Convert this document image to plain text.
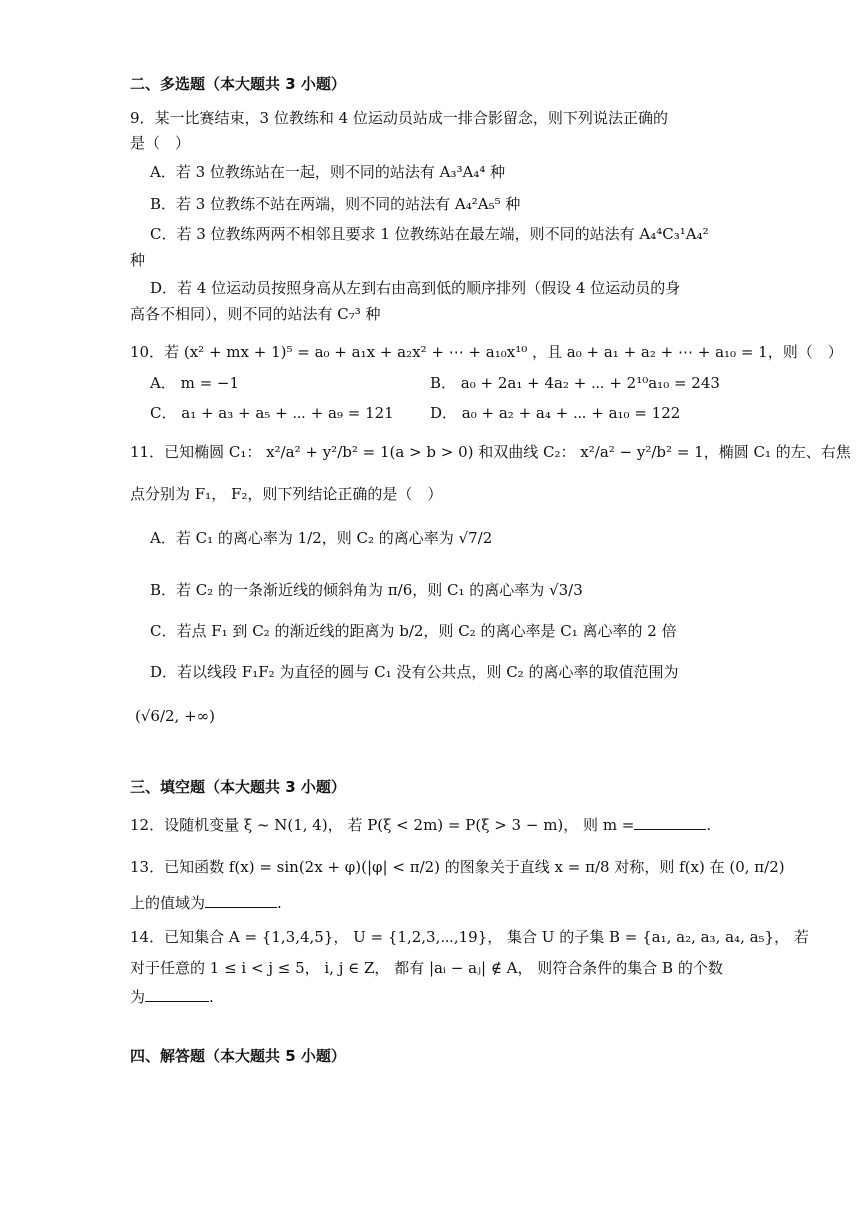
二、多选题（本大题共 3 小题）
9．某一比赛结束，3 位教练和 4 位运动员站成一排合影留念，则下列说法正确的
是（　）
A．若 3 位教练站在一起，则不同的站法有 A₃³A₄⁴ 种
B．若 3 位教练不站在两端，则不同的站法有 A₄²A₅⁵ 种
C．若 3 位教练两两不相邻且要求 1 位教练站在最左端，则不同的站法有 A₄⁴C₃¹A₄²
种
D．若 4 位运动员按照身高从左到右由高到低的顺序排列（假设 4 位运动员的身
高各不相同），则不同的站法有 C₇³ 种
10．若 (x² + mx + 1)⁵ = a₀ + a₁x + a₂x² + ⋯ + a₁₀x¹⁰ ，且 a₀ + a₁ + a₂ + ⋯ + a₁₀ = 1，则（　）
A． m = −1	B． a₀ + 2a₁ + 4a₂ + ⋯ + 2¹⁰a₁₀ = 243
C． a₁ + a₃ + a₅ + ⋯ + a₉ = 121 D． a₀ + a₂ + a₄ + ⋯ + a₁₀ = 122
11．已知椭圆 C₁： x²/a² + y²/b² = 1(a > b > 0) 和双曲线 C₂： x²/a² − y²/b² = 1，椭圆 C₁ 的左、右焦
点分别为 F₁， F₂，则下列结论正确的是（　）
A．若 C₁ 的离心率为 1/2，则 C₂ 的离心率为 √7/2
B．若 C₂ 的一条渐近线的倾斜角为 π/6，则 C₁ 的离心率为 √3/3
C．若点 F₁ 到 C₂ 的渐近线的距离为 b/2，则 C₂ 的离心率是 C₁ 离心率的 2 倍
D．若以线段 F₁F₂ 为直径的圆与 C₁ 没有公共点，则 C₂ 的离心率的取值范围为
(√6/2, +∞)
三、填空题（本大题共 3 小题）
12．设随机变量 ξ ~ N(1, 4)， 若 P(ξ < 2m) = P(ξ > 3 − m)， 则 m =	.
13．已知函数 f(x) = sin(2x + φ)(|φ| < π/2) 的图象关于直线 x = π/8 对称，则 f(x) 在 (0, π/2)
上的值域为	.
14．已知集合 A = {1,3,4,5}， U = {1,2,3,⋯,19}， 集合 U 的子集 B = {a₁, a₂, a₃, a₄, a₅}， 若
对于任意的 1 ≤ i < j ≤ 5， i, j ∈ Z， 都有 |aᵢ − aⱼ| ∉ A， 则符合条件的集合 B 的个数
为	.
四、解答题（本大题共 5 小题）
